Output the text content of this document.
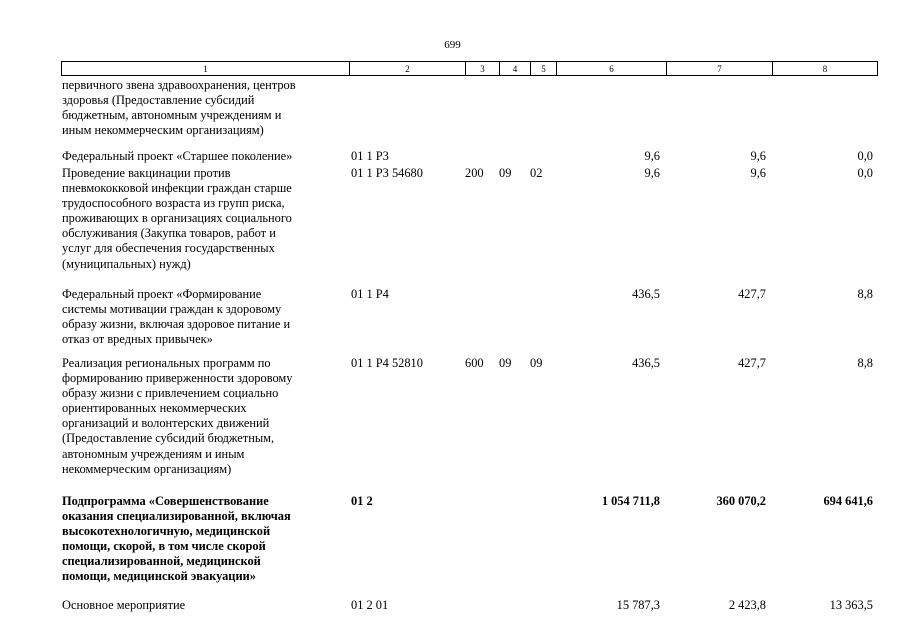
699
1	2	3	4	5	6	7	8
первичного звена здравоохранения, центров
здоровья (Предоставление субсидий
бюджетным, автономным учреждениям и
иным некоммерческим организациям)
Федеральный проект «Старшее поколение»	01 1 P3	9,6	9,6	0,0
Проведение вакцинации против
пневмококковой инфекции граждан старше
трудоспособного возраста из групп риска,
проживающих в организациях социального
обслуживания (Закупка товаров, работ и
услуг для обеспечения государственных
(муниципальных) нужд)
01 1 P3 54680	200 09 02	9,6	9,6	0,0
Федеральный проект «Формирование
системы мотивации граждан к здоровому
образу жизни, включая здоровое питание и
отказ от вредных привычек»
01 1 P4	436,5	427,7	8,8
Реализация региональных программ по
формированию приверженности здоровому
образу жизни с привлечением социально
ориентированных некоммерческих
организаций и волонтерских движений
(Предоставление субсидий бюджетным,
автономным учреждениям и иным
некоммерческим организациям)
01 1 P4 52810	600 09 09	436,5	427,7	8,8
Подпрограмма «Совершенствование
оказания специализированной, включая
высокотехнологичную, медицинской
помощи, скорой, в том числе скорой
специализированной, медицинской
помощи, медицинской эвакуации»
01 2	1 054 711,8	360 070,2	694 641,6
Основное мероприятие	01 2 01	15 787,3	2 423,8	13 363,5
